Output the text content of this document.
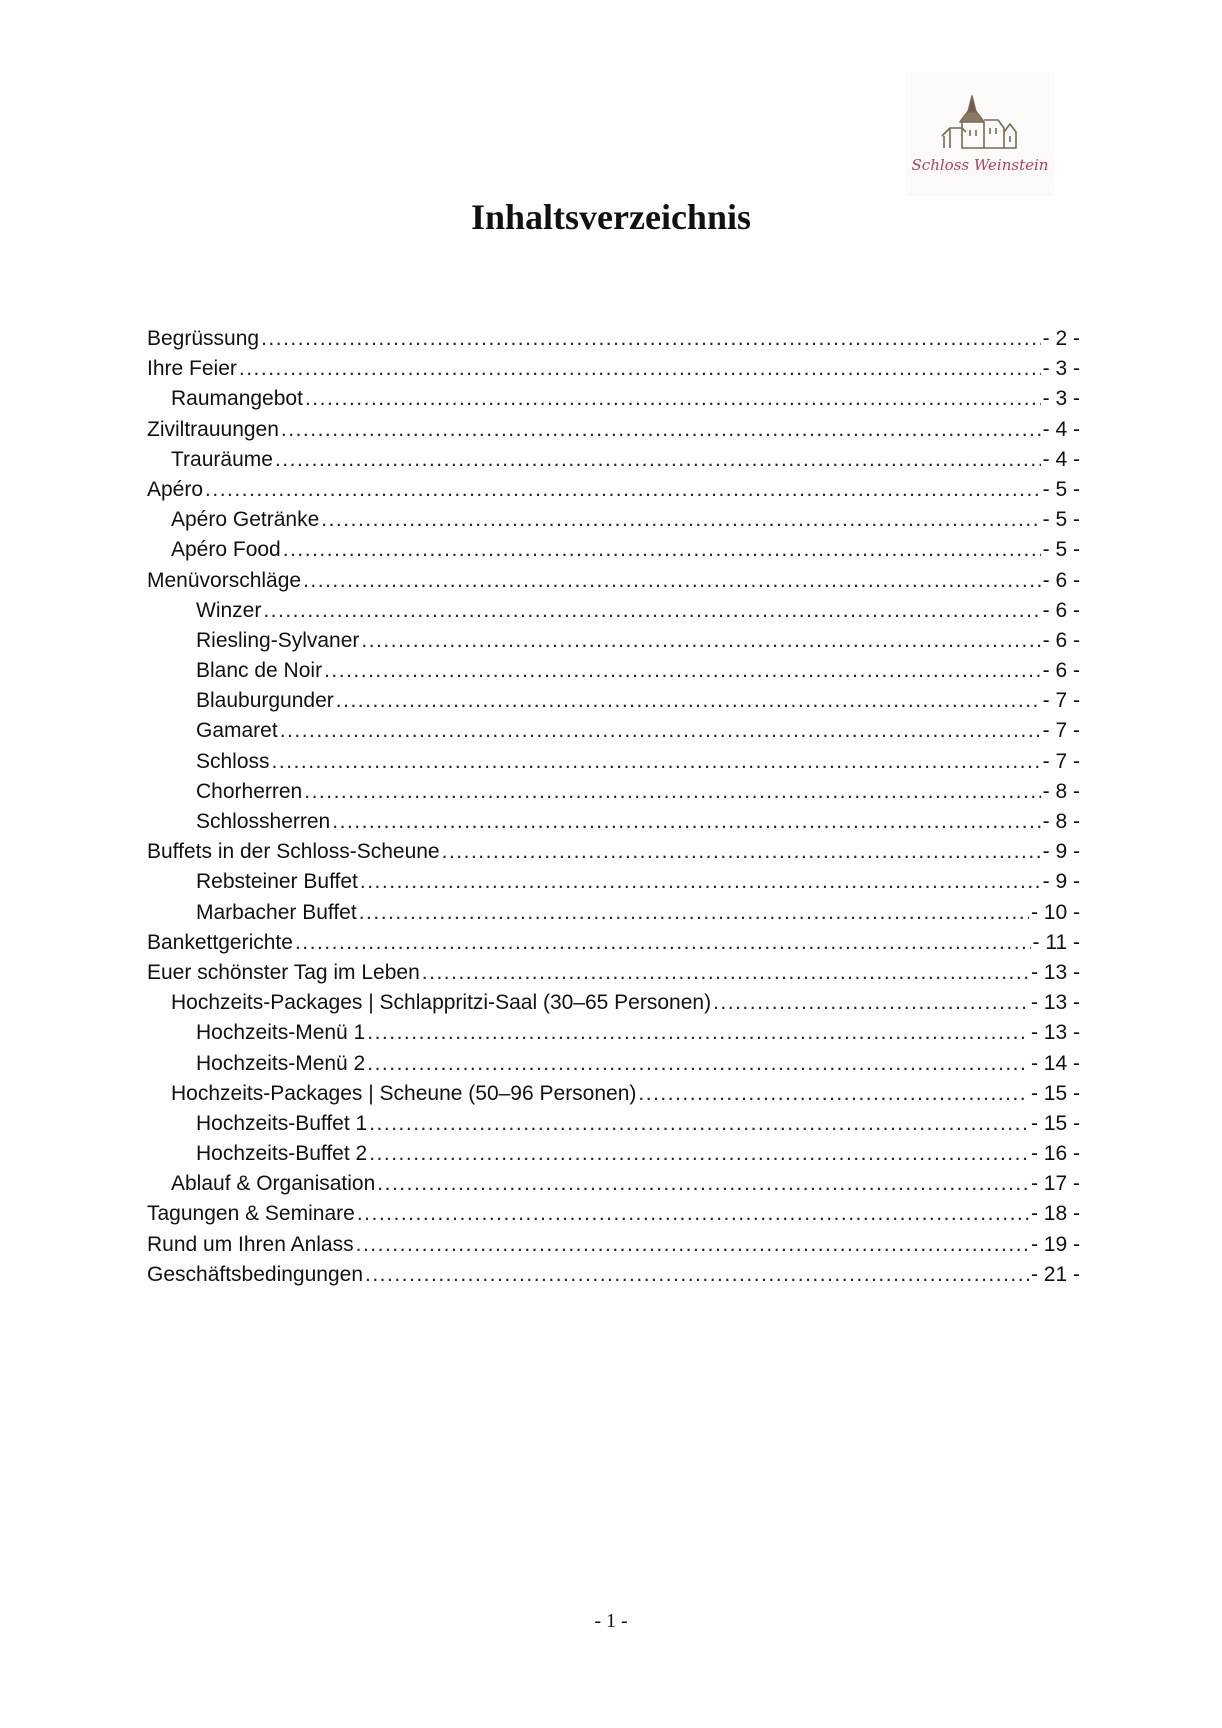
Schloss Weinstein
Inhaltsverzeichnis
Begrüssung .....	- 2 -
Ihre Feier .....	- 3 -
Raumangebot .....	- 3 -
Ziviltrauungen .....	- 4 -
Trauräume .....	- 4 -
Apéro .....	- 5 -
Apéro Getränke .....	- 5 -
Apéro Food .....	- 5 -
Menüvorschläge .....	- 6 -
Winzer .....	- 6 -
Riesling-Sylvaner .....	- 6 -
Blanc de Noir .....	- 6 -
Blauburgunder .....	- 7 -
Gamaret .....	- 7 -
Schloss .....	- 7 -
Chorherren .....	- 8 -
Schlossherren .....	- 8 -
Buffets in der Schloss-Scheune .....	- 9 -
Rebsteiner Buffet .....	- 9 -
Marbacher Buffet .....	- 10 -
Bankettgerichte .....	- 11 -
Euer schönster Tag im Leben .....	- 13 -
Hochzeits-Packages | Schlappritzi-Saal (30–65 Personen) .....	- 13 -
Hochzeits-Menü 1 .....	- 13 -
Hochzeits-Menü 2 .....	- 14 -
Hochzeits-Packages | Scheune (50–96 Personen) .....	- 15 -
Hochzeits-Buffet 1 .....	- 15 -
Hochzeits-Buffet 2 .....	- 16 -
Ablauf & Organisation .....	- 17 -
Tagungen & Seminare .....	- 18 -
Rund um Ihren Anlass .....	- 19 -
Geschäftsbedingungen .....	- 21 -
- 1 -
